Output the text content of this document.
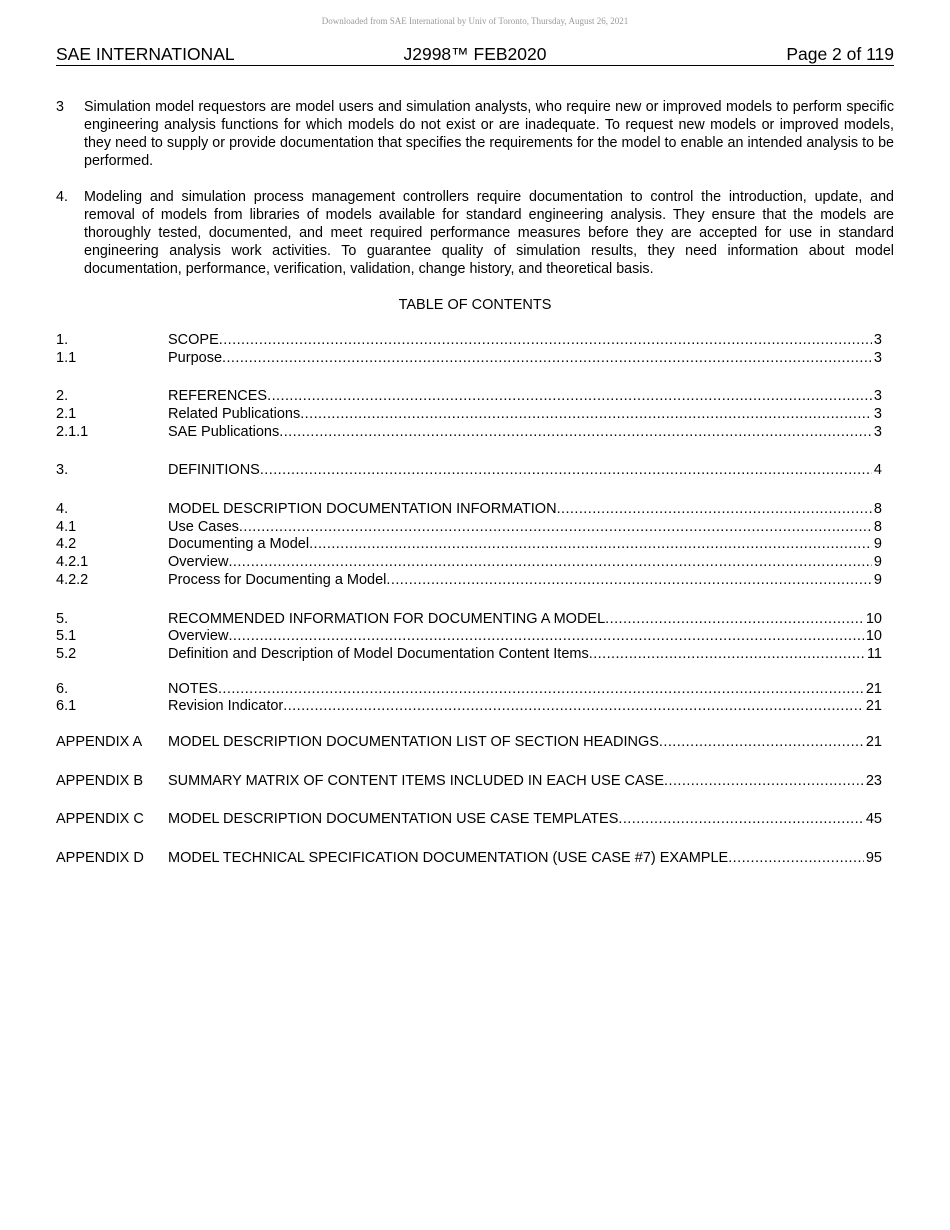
Downloaded from SAE International by Univ of Toronto, Thursday, August 26, 2021
SAE INTERNATIONAL	J2998™ FEB2020	Page 2 of 119
3 Simulation model requestors are model users and simulation analysts, who require new or improved models to perform specific engineering analysis functions for which models do not exist or are inadequate. To request new models or improved models, they need to supply or provide documentation that specifies the requirements for the model to enable an intended analysis to be performed.
4. Modeling and simulation process management controllers require documentation to control the introduction, update, and removal of models from libraries of models available for standard engineering analysis. They ensure that the models are thoroughly tested, documented, and meet required performance measures before they are accepted for use in standard engineering analysis work activities. To guarantee quality of simulation results, they need information about model documentation, performance, verification, validation, change history, and theoretical basis.
TABLE OF CONTENTS
1.	SCOPE . . .	3
1.1	Purpose . . .	3
2.	REFERENCES . . .	3
2.1	Related Publications . . .	3
2.1.1	SAE Publications . . .	3
3.	DEFINITIONS . . .	4
4.	MODEL DESCRIPTION DOCUMENTATION INFORMATION . . .	8
4.1	Use Cases . . .	8
4.2	Documenting a Model . . .	9
4.2.1	Overview . . .	9
4.2.2	Process for Documenting a Model . . .	9
5.	RECOMMENDED INFORMATION FOR DOCUMENTING A MODEL . . .	10
5.1	Overview . . .	10
5.2	Definition and Description of Model Documentation Content Items . . .	11
6.	NOTES . . .	21
6.1	Revision Indicator . . .	21
APPENDIX A	MODEL DESCRIPTION DOCUMENTATION LIST OF SECTION HEADINGS . . .	21
APPENDIX B	SUMMARY MATRIX OF CONTENT ITEMS INCLUDED IN EACH USE CASE . . .	23
APPENDIX C	MODEL DESCRIPTION DOCUMENTATION USE CASE TEMPLATES . . .	45
APPENDIX D	MODEL TECHNICAL SPECIFICATION DOCUMENTATION (USE CASE #7) EXAMPLE . . .	95
